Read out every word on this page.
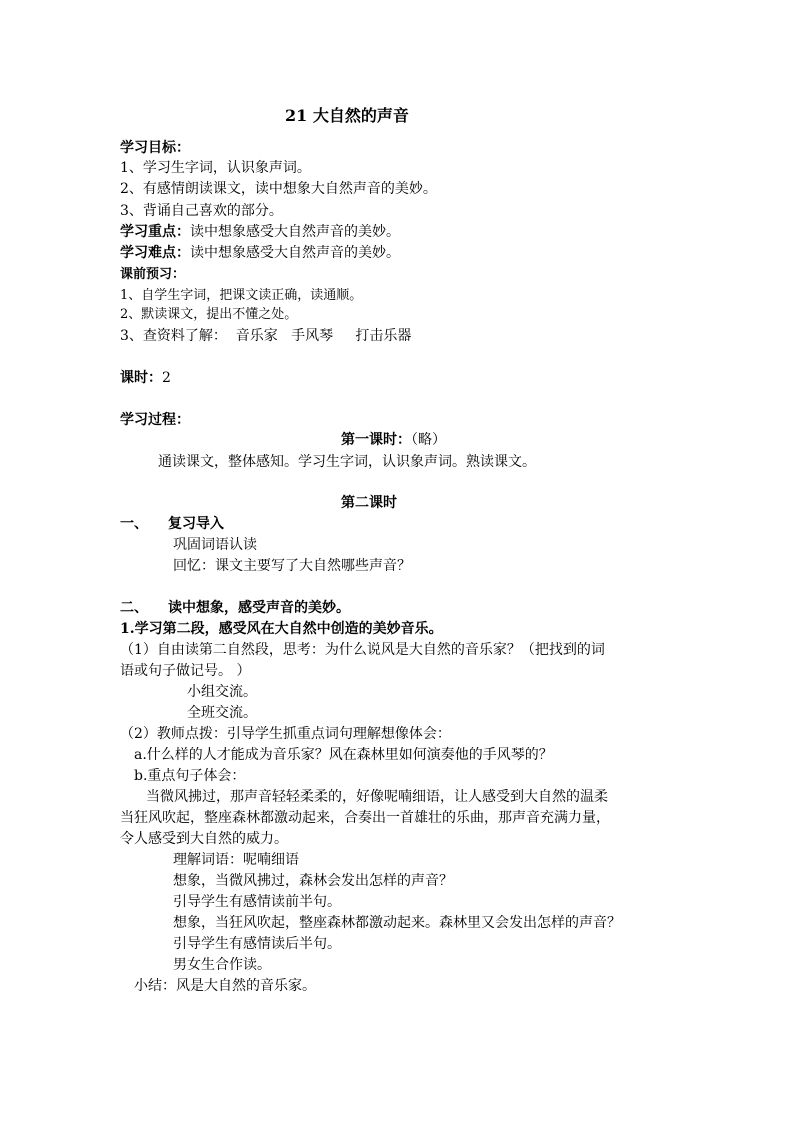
21 大自然的声音
学习目标：
1、学习生字词，认识象声词。
2、有感情朗读课文，读中想象大自然声音的美妙。
3、背诵自己喜欢的部分。
学习重点：读中想象感受大自然声音的美妙。
学习难点：读中想象感受大自然声音的美妙。
课前预习：
1、自学生字词，把课文读正确，读通顺。
2、默读课文，提出不懂之处。
3、查资料了解：  音乐家   手风琴     打击乐器
课时：2
学习过程：
第一课时：（略）
通读课文，整体感知。学习生字词，认识象声词。熟读课文。
第二课时
一、 复习导入
巩固词语认读
回忆：课文主要写了大自然哪些声音？
二、 读中想象，感受声音的美妙。
1.学习第二段，感受风在大自然中创造的美妙音乐。
（1）自由读第二自然段，思考：为什么说风是大自然的音乐家？（把找到的词
语或句子做记号。 ）
小组交流。
全班交流。
（2）教师点拨：引导学生抓重点词句理解想像体会：
a.什么样的人才能成为音乐家？风在森林里如何演奏他的手风琴的？
b.重点句子体会：
当微风拂过，那声音轻轻柔柔的，好像呢喃细语，让人感受到大自然的温柔
当狂风吹起，整座森林都激动起来，合奏出一首雄壮的乐曲，那声音充满力量，
令人感受到大自然的威力。
理解词语：呢喃细语
想象，当微风拂过，森林会发出怎样的声音？
引导学生有感情读前半句。
想象，当狂风吹起，整座森林都激动起来。森林里又会发出怎样的声音？
引导学生有感情读后半句。
男女生合作读。
小结：风是大自然的音乐家。
